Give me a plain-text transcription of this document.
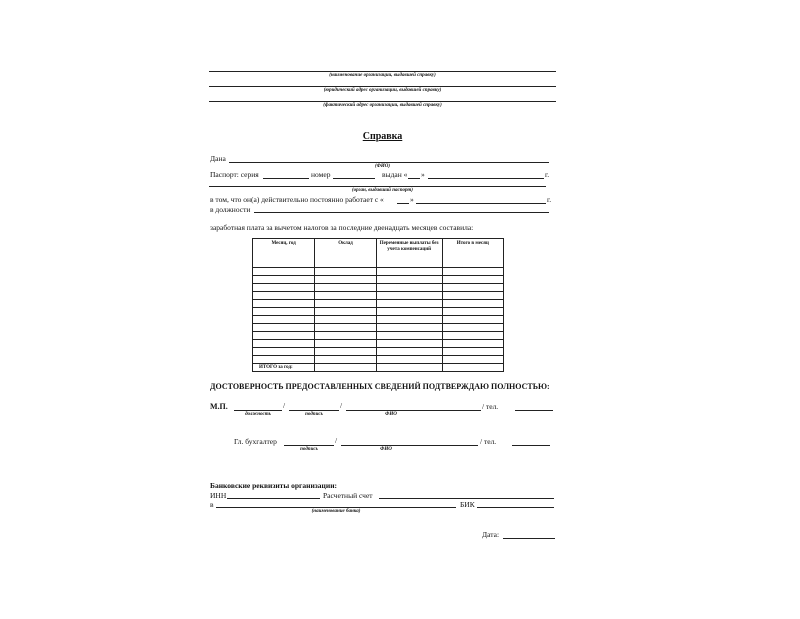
(наименование организации, выдавшей справку)
(юридический адрес организации, выдавшей справку)
(фактический адрес организации, выдавшей справку)
Справка
Дана
(ФИО)
Паспорт: серия	номер	выдан « »	г.
(орган, выдавший паспорт)
в том, что он(а) действительно постоянно работает с «	»	г.
в должности
заработная плата за вычетом налогов за последние двенадцать месяцев составила:
Месяц, год	Оклад	Переменные выплаты без учета компенсаций	Итого в месяц

ИТОГО за год:			
ДОСТОВЕРНОСТЬ ПРЕДОСТАВЛЕННЫХ СВЕДЕНИЙ ПОДТВЕРЖДАЮ ПОЛНОСТЬЮ:
М.П.	/	/	/ тел.
должность	подпись	ФИО
Гл. бухгалтер	/	/ тел.
подпись	ФИО
Банковские реквизиты организации:
ИНН	Расчетный счет
в	БИК
(наименование банка)
Дата:
